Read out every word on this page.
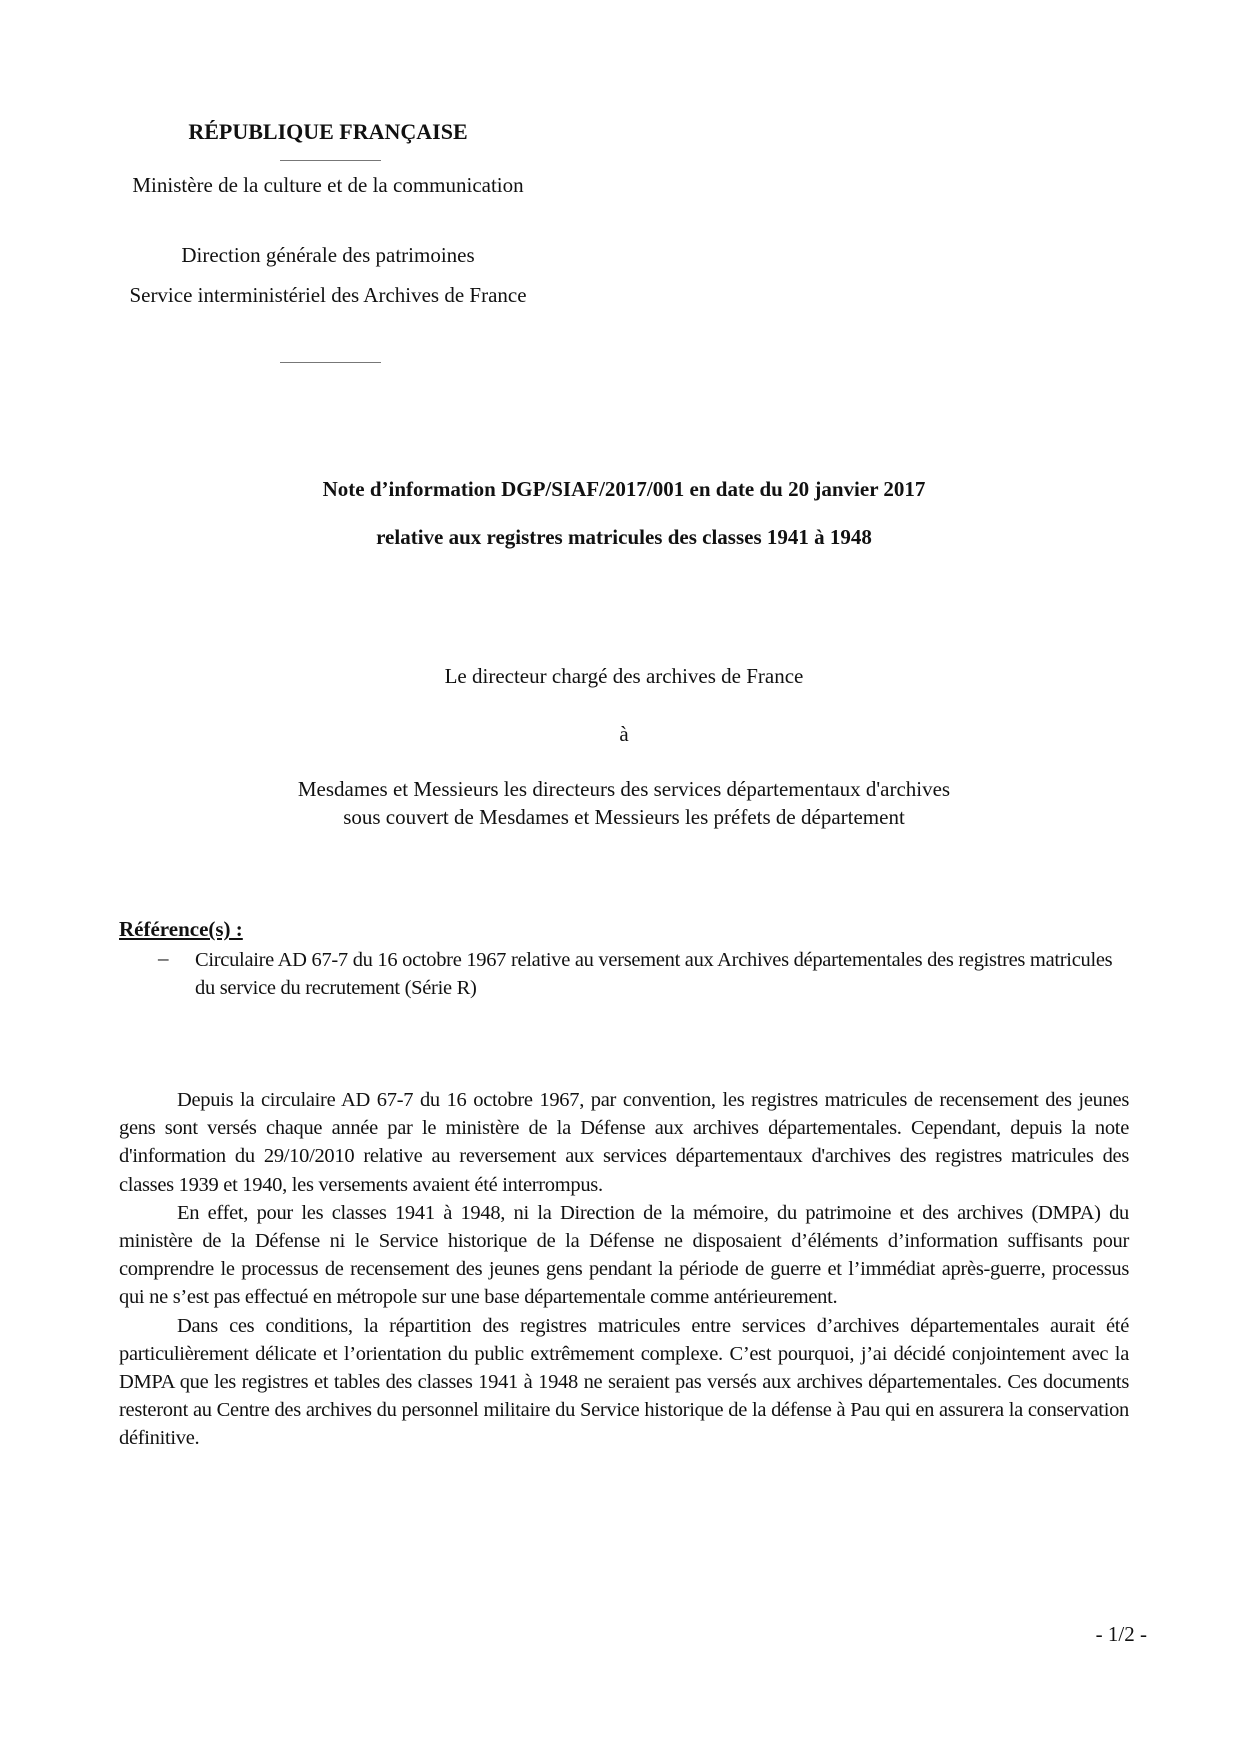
RÉPUBLIQUE FRANÇAISE
Ministère de la culture et de la communication
Direction générale des patrimoines
Service interministériel des Archives de France
Note d’information DGP/SIAF/2017/001 en date du 20 janvier 2017
relative aux registres matricules des classes 1941 à 1948
Le directeur chargé des archives de France
à
Mesdames et Messieurs les directeurs des services départementaux d'archives
sous couvert de Mesdames et Messieurs les préfets de département
Référence(s) :
– Circulaire AD 67-7 du 16 octobre 1967 relative au versement aux Archives départementales des registres matricules du service du recrutement (Série R)

Depuis la circulaire AD 67-7 du 16 octobre 1967, par convention, les registres matricules de recensement des jeunes gens sont versés chaque année par le ministère de la Défense aux archives départementales. Cependant, depuis la note d'information du 29/10/2010 relative au reversement aux services départementaux d'archives des registres matricules des classes 1939 et 1940, les versements avaient été interrompus.

En effet, pour les classes 1941 à 1948, ni la Direction de la mémoire, du patrimoine et des archives (DMPA) du ministère de la Défense ni le Service historique de la Défense ne disposaient d’éléments d’information suffisants pour comprendre le processus de recensement des jeunes gens pendant la période de guerre et l’immédiat après-guerre, processus qui ne s’est pas effectué en métropole sur une base départementale comme antérieurement.

Dans ces conditions, la répartition des registres matricules entre services d’archives départementales aurait été particulièrement délicate et l’orientation du public extrêmement complexe. C’est pourquoi, j’ai décidé conjointement avec la DMPA que les registres et tables des classes 1941 à 1948 ne seraient pas versés aux archives départementales. Ces documents resteront au Centre des archives du personnel militaire du Service historique de la défense à Pau qui en assurera la conservation définitive.

- 1/2 -
